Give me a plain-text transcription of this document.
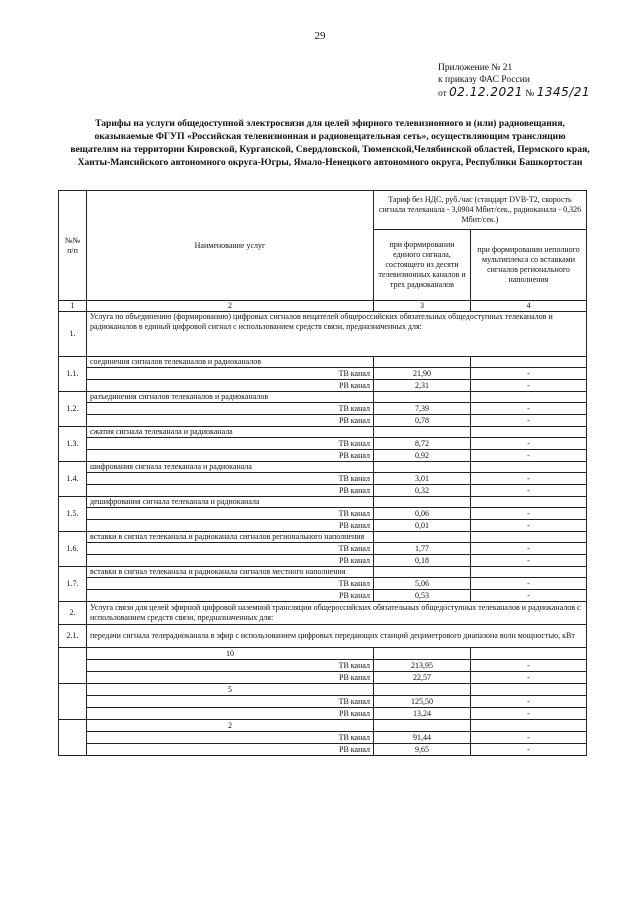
29
Приложение № 21
к приказу ФАС России
от 02.12.2021 № 1345/21
Тарифы на услуги общедоступной электросвязи для целей эфирного телевизионного и (или) радиовещания, оказываемые ФГУП «Российская телевизионная и радиовещательная сеть», осуществляющим трансляцию вещателям на территории Кировской, Курганской, Свердловской, Тюменской,Челябинской областей, Пермского края, Ханты-Мансийского автономного округа-Югры, Ямало-Ненецкого автономного округа, Республики Башкортостан
№№ п/п	Наименование услуг	Тариф без НДС, руб./час (стандарт DVB-T2, скорость сигнала телеканала - 3,0904 Мбит/сек., радиоканала - 0,326 Мбит/сек.)	
		при формировании единого сигнала, состоящего из десяти телевизионных каналов и трех радиоканалов	при формировании неполного мультиплекса со вставками сигналов регионального наполнения
1	2	3	4
1.	Услуга по объединению (формированию) цифровых сигналов вещателей общероссийских обязательных общедоступных телеканалов и радиоканалов в единый цифровой сигнал с использованием средств связи, предназначенных для:		
1.1.	соединения сигналов телеканалов и радиоканалов		
	ТВ канал	21,90	-
	РВ канал	2,31	-
1.2.	разъединения сигналов телеканалов и радиоканалов		
	ТВ канал	7,39	-
	РВ канал	0,78	-
1.3.	сжатия сигнала телеканала и радиоканала		
	ТВ канал	8,72	-
	РВ канал	0,92	-
1.4.	шифрования сигнала телеканала и радиоканала		
	ТВ канал	3,01	-
	РВ канал	0,32	-
1.5.	дешифрования сигнала телеканала и радиоканала		
	ТВ канал	0,06	-
	РВ канал	0,01	-
1.6.	вставки в сигнал телеканала и радиоканала сигналов регионального наполнения		
	ТВ канал	1,77	-
	РВ канал	0,18	-
1.7.	вставки в сигнал телеканала и радиоканала сигналов местного наполнения		
	ТВ канал	5,06	-
	РВ канал	0,53	-
2.	Услуга связи для целей эфирной цифровой наземной трансляции общероссийских обязательных общедоступных телеканалов и радиоканалов с использованием средств связи, предназначенных для:		
2.1.	передачи сигнала телерадиоканала в эфир с использованием цифровых передающих станций дециметрового диапазона волн мощностью, кВт		
	10		
	ТВ канал	213,95	-
	РВ канал	22,57	-
	5		
	ТВ канал	125,50	-
	РВ канал	13,24	-
	2		
	ТВ канал	91,44	-
	РВ канал	9,65	-
